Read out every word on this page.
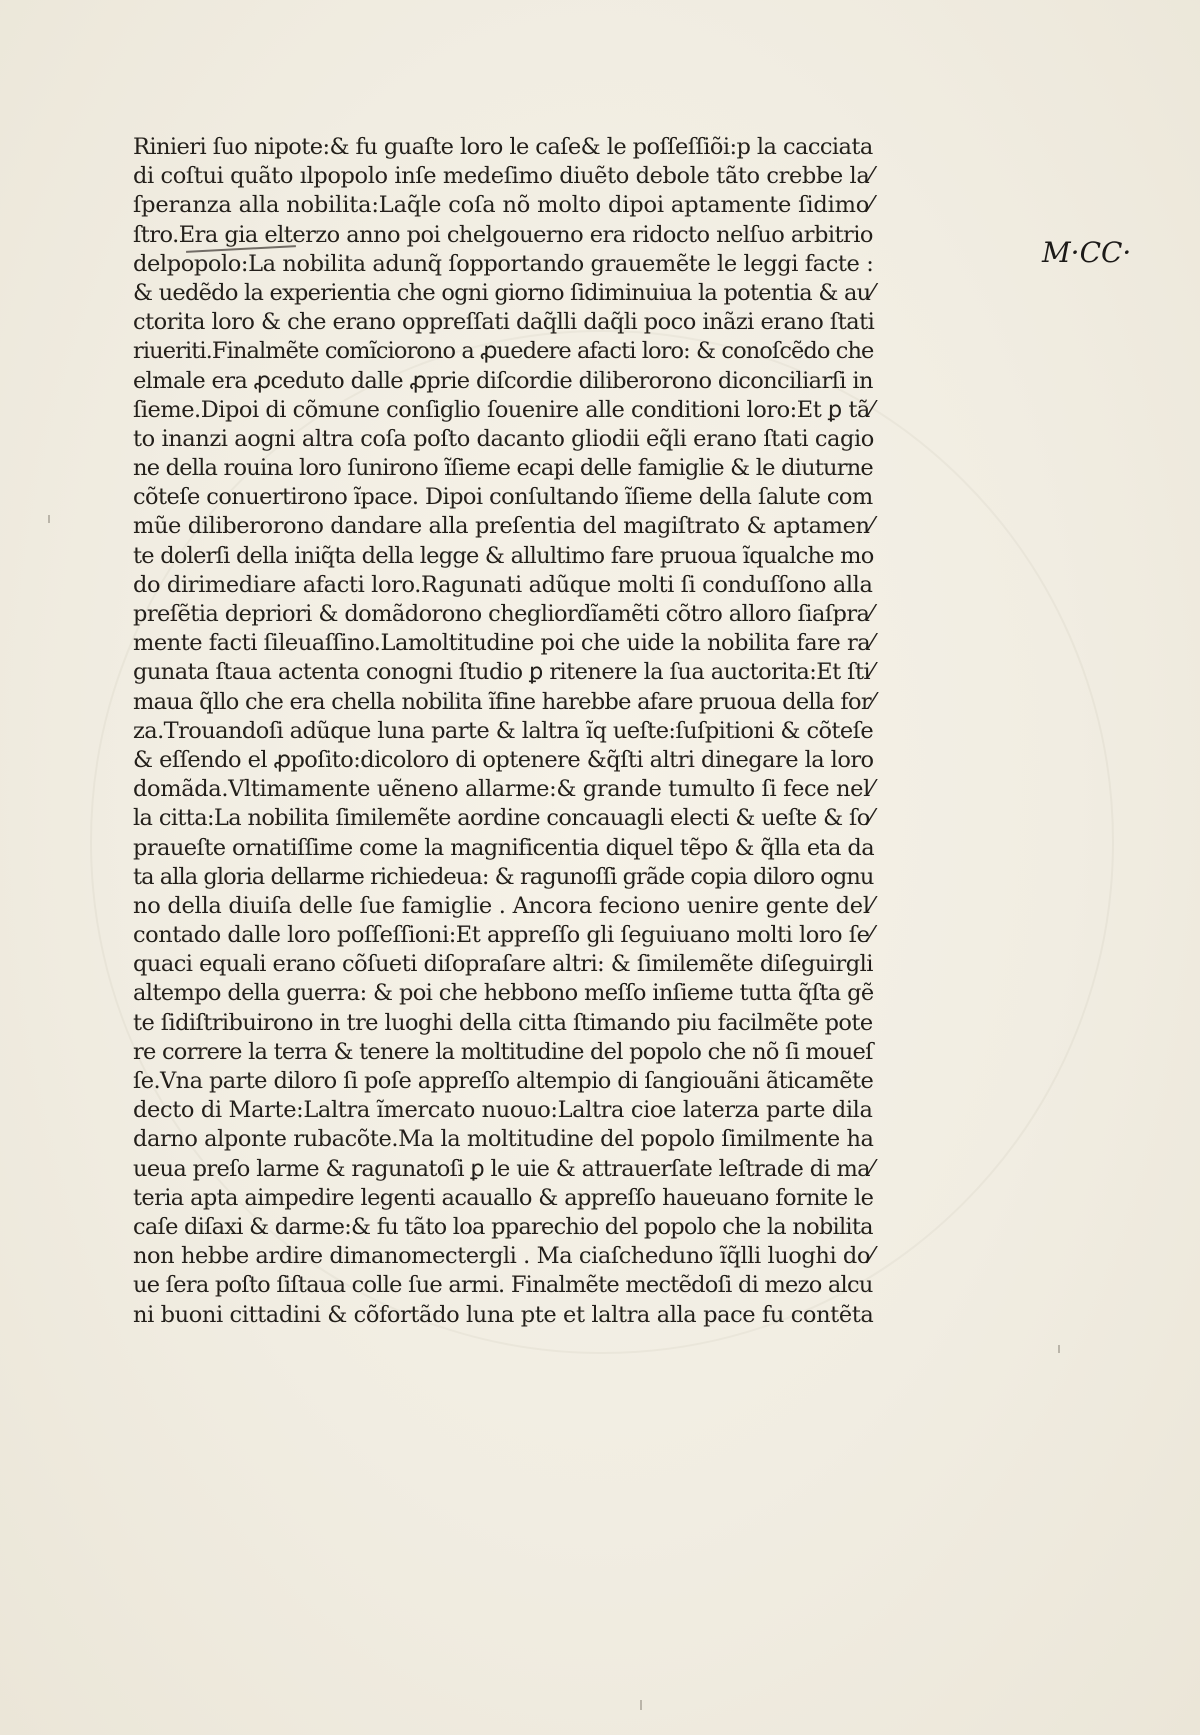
M·CC·
Rinieri ſuo nipote:& fu guaſte loro le caſe& le poſſeſſiõi:p la cacciata
di coſtui quãto ılpopolo inſe medeſimo diuẽto debole tãto crebbe la⁄
ſperanza alla nobilita:Laq̃le coſa nõ molto dipoi aptamente ſidimo⁄
ſtro.Era gia elterzo anno poi chelgouerno era ridocto nelſuo arbitrio
delpopolo:La nobilita adunq̃ ſopportando grauemẽte le leggi facte :
& uedẽdo la experientia che ogni giorno ſidiminuiua la potentia & au⁄
ctorita loro & che erano oppreſſati daq̃lli daq̃li poco inãzi erano ſtati
riueriti.Finalmẽte comĩciorono a ꝓuedere afacti loro: & conoſcẽdo che
elmale era ꝓceduto dalle ꝓprie diſcordie diliberorono diconciliarſi in
ſieme.Dipoi di cõmune conſiglio ſouenire alle conditioni loro:Et ꝑ tã⁄
to inanzi aogni altra coſa poſto dacanto gliodii eq̃li erano ſtati cagio
ne della rouina loro ſunirono ĩſieme ecapi delle famiglie & le diuturne
cõteſe conuertirono ĩpace. Dipoi conſultando ĩſieme della ſalute com
mũe diliberorono dandare alla preſentia del magiſtrato & aptamen⁄
te dolerſi della iniq̃ta della legge & allultimo fare pruoua ĩqualche mo
do dirimediare afacti loro.Ragunati adũque molti ſi conduſſono alla
preſẽtia depriori & domãdorono chegliordĩamẽti cõtro alloro ſiaſpra⁄
mente facti ſileuaſſino.Lamoltitudine poi che uide la nobilita fare ra⁄
gunata ſtaua actenta conogni ſtudio ꝑ ritenere la ſua auctorita:Et ſti⁄
maua q̃llo che era chella nobilita ĩfine harebbe afare pruoua della for⁄
za.Trouandoſi adũque luna parte & laltra ĩq ueſte:ſuſpitioni & cõteſe
& eſſendo el ꝓpoſito:dicoloro di optenere &q̃ſti altri dinegare la loro
domãda.Vltimamente uẽneno allarme:& grande tumulto ſi fece nel⁄
la citta:La nobilita ſimilemẽte aordine concauagli electi & ueſte & ſo⁄
praueſte ornatiſſime come la magnificentia diquel tẽpo & q̃lla eta da
ta alla gloria dellarme richiedeua: & ragunoſſi grãde copia diloro ognu
no della diuiſa delle ſue famiglie . Ancora feciono uenire gente del⁄
contado dalle loro poſſeſſioni:Et appreſſo gli ſeguiuano molti loro ſe⁄
quaci equali erano cõſueti diſopraſare altri: & ſimilemẽte diſeguirgli
altempo della guerra: & poi che hebbono meſſo inſieme tutta q̃ſta gẽ
te ſidiſtribuirono in tre luoghi della citta ſtimando piu facilmẽte pote
re correre la terra & tenere la moltitudine del popolo che nõ ſi moueſ
ſe.Vna parte diloro ſi poſe appreſſo altempio di ſangiouãni ãticamẽte
decto di Marte:Laltra ĩmercato nuouo:Laltra cioe laterza parte dila
darno alponte rubacõte.Ma la moltitudine del popolo ſimilmente ha
ueua preſo larme & ragunatoſi ꝑ le uie & attrauerſate leſtrade di ma⁄
teria apta aimpedire legenti acauallo & appreſſo haueuano fornite le
caſe diſaxi & darme:& fu tãto loa pparechio del popolo che la nobilita
non hebbe ardire dimanomectergli . Ma ciaſcheduno ĩq̃lli luoghi do⁄
ue ſera poſto ſiſtaua colle ſue armi. Finalmẽte mectẽdoſi di mezo alcu
ni buoni cittadini & cõfortãdo luna pte et laltra alla pace fu contẽta
